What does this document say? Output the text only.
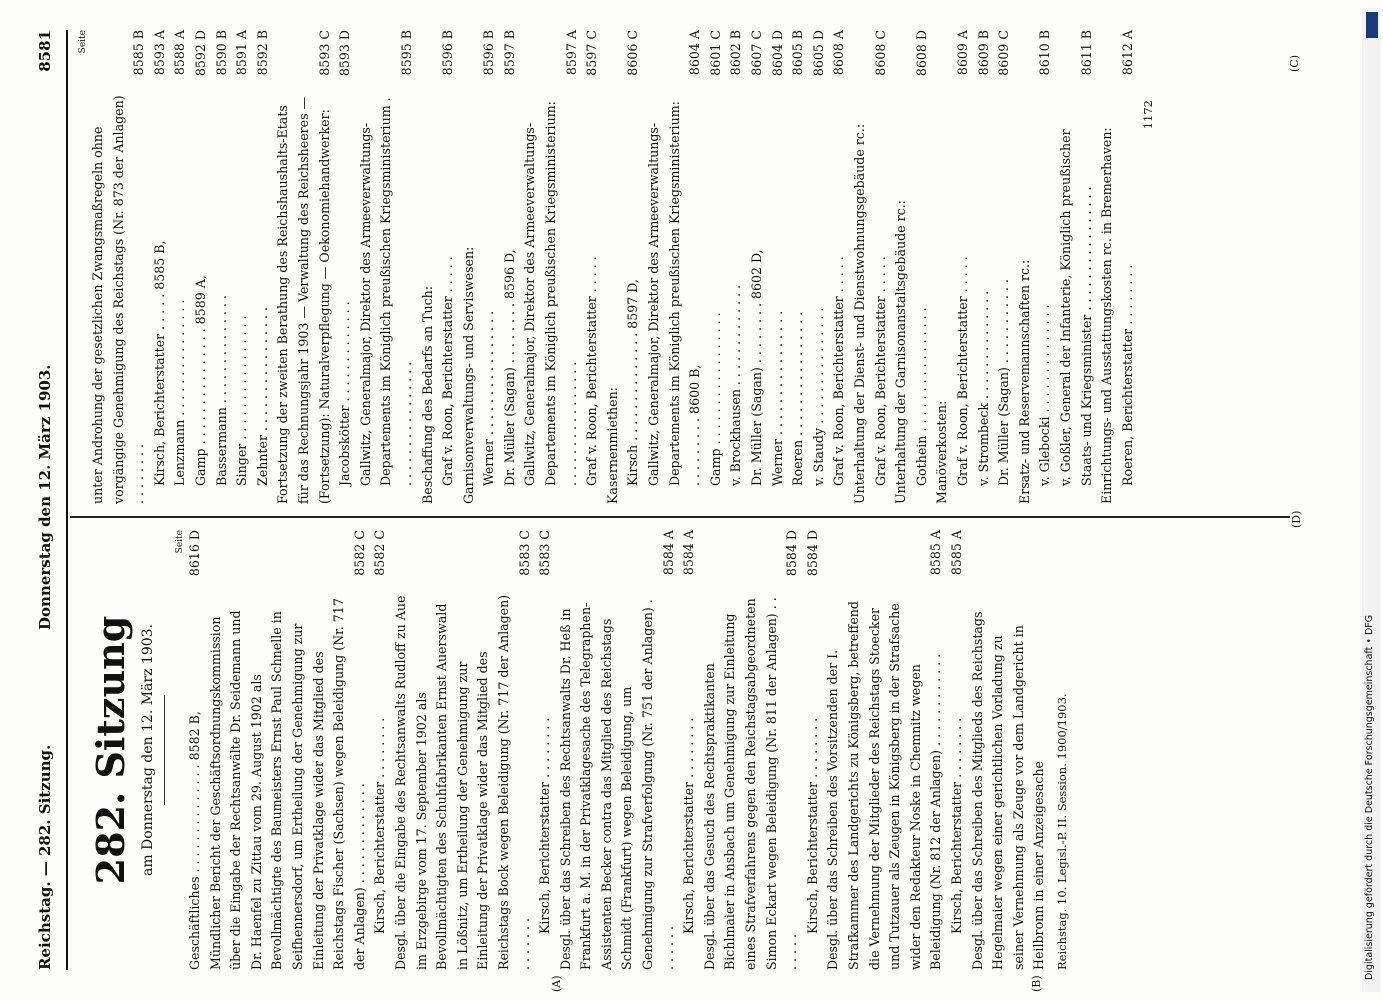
Reichstag. — 282. Sitzung.
Donnerstag den 12. März 1903.
8581
282. Sitzung am Donnerstag den 12. März 1903.
Seite
Geschäftliches . . . . . . . . . . . . . . 8582 B,
8616 D
Mündlicher Bericht der Geschäftsordnungskommission über die Eingabe der Rechtsanwälte Dr. Seidemann und Dr. Haenfel zu Zittau vom 29. August 1902 als Bevollmächtigte des Baumeisters Ernst Paul Schnelle in Seifhennersdorf, um Ertheilung der Genehmigung zur Einleitung der Privatklage wider das Mitglied des Reichstags Fischer (Sachsen) wegen Beleidigung (Nr. 717 der Anlagen) . . . . . . . . . . . . .
8582 C
Kirsch, Berichterstatter . . . . . . . .
8582 C
Desgl. über die Eingabe des Rechtsanwalts Rudloff zu Aue im Erzgebirge vom 17. September 1902 als Bevollmächtigten des Schuhfabrikanten Ernst Auerswald in Lößnitz, um Ertheilung der Genehmigung zur Einleitung der Privatklage wider das Mitglied des Reichstags Bock wegen Beleidigung (Nr. 717 der Anlagen) . . . . . . .
8583 C
Kirsch, Berichterstatter . . . . . . . .
8583 C
Desgl. über das Schreiben des Rechtsanwalts Dr. Heß in Frankfurt a. M. in der Privatklagesache des Telegraphen-Assistenten Becker contra das Mitglied des Reichstags Schmidt (Frankfurt) wegen Beleidigung, um Genehmigung zur Strafverfolgung (Nr. 751 der Anlagen) . . . . . . .
8584 A
Kirsch, Berichterstatter . . . . . . . .
8584 A
Desgl. über das Gesuch des Rechtspraktikanten Bichlmaier in Ansbach um Genehmigung zur Einleitung eines Strafverfahrens gegen den Reichstagsabgeordneten Simon Eckart wegen Beleidigung (Nr. 811 der Anlagen) . . . . . . .
8584 D
Kirsch, Berichterstatter . . . . . . . .
8584 D
Desgl. über das Schreiben des Vorsitzenden der I. Strafkammer des Landgerichts zu Königsberg, betreffend die Vernehmung der Mitglieder des Reichstags Stoecker und Tutzauer als Zeugen in Königsberg in der Strafsache wider den Redakteur Noske in Chemnitz wegen Beleidigung (Nr. 812 der Anlagen) . . . . . . . . . . . .
8585 A
Kirsch, Berichterstatter . . . . . . . .
8585 A
Desgl. über das Schreiben des Mitglieds des Reichstags Hegelmaier wegen einer gerichtlichen Vorladung zu seiner Vernehmung als Zeuge vor dem Landgericht in Heilbronn in einer Anzeigesache Reichstag. 10. Legisl.-P. II. Session. 1900/1903.
Seite
unter Androhung der gesetzlichen Zwangsmaßregeln ohne vorgängige Genehmigung des Reichstags (Nr. 873 der Anlagen) . . . . . . . .
8585 B
Kirsch, Berichterstatter . . . . . 8585 B,
8593 A
Lenzmann . . . . . . . . . . . . . . .
8588 A
Gamp . . . . . . . . . . . . . . . 8589 A,
8592 D
Bassermann . . . . . . . . . . . . . .
8590 B
Singer . . . . . . . . . . . . . . . .
8591 A
Zehnter . . . . . . . . . . . . . . . .
8592 B
Fortsetzung der zweiten Berathung des Reichshaushalts-Etats für das Rechnungsjahr 1903 — Verwaltung des Reichsheeres — (Fortsetzung): Naturalverpflegung — Oekonomiehandwerker:
8593 C
Jacobskötter . . . . . . . . . . . . .
8593 D
Gallwitz, Generalmajor, Direktor des Armeeverwaltungs-Departements im Königlich preußischen Kriegsministerium . . . . . . . . . . . . . . . . .
8595 B
Beschaffung des Bedarfs an Tuch: Graf v. Roon, Berichterstatter . . . . .
8596 B
Garnisonverwaltungs- und Serviswesen: Werner . . . . . . . . . . . . . . . .
8596 B
Dr. Müller (Sagan) . . . . . . . . 8596 D,
8597 B
Gallwitz, Generalmajor, Direktor des Armeeverwaltungs-Departements im Königlich preußischen Kriegsministerium: . . . . . . . . . . . . . . . .
8597 A
Graf v. Roon, Berichterstatter . . . . .
8597 C
Kasernenmiethen: Kirsch . . . . . . . . . . . . . . 8597 D,
8606 C
Gallwitz, Generalmajor, Direktor des Armeeverwaltungs-Departements im Königlich preußischen Kriegsministerium: . . . . . . . . . 8600 B,
8604 A
Gamp . . . . . . . . . . . . . . . . .
8601 C
v. Brockhausen . . . . . . . . . . . . .
8602 B
Dr. Müller (Sagan) . . . . . . . . 8602 D,
8607 C
Werner . . . . . . . . . . . . . . . .
8604 D
Roeren . . . . . . . . . . . . . . . .
8605 B
v. Staudy . . . . . . . . . . . . . . .
8605 D
Graf v. Roon, Berichterstatter . . . . .
8608 A
Unterhaltung der Dienst- und Dienstwohnungsgebäude rc.: Graf v. Roon, Berichterstatter . . . . .
8608 C
Unterhaltung der Garnisonanstaltsgebäude rc.: Gothein . . . . . . . . . . . . . . . .
8608 D
Manöverkosten: Graf v. Roon, Berichterstatter . . . . .
8609 A
v. Strombeck . . . . . . . . . . . . . .
8609 B
Dr. Müller (Sagan) . . . . . . . . . . .
8609 C
Ersatz- und Reservemannschaften rc.: v. Glebocki . . . . . . . . . . . . . .
8610 B
v. Goßler, General der Infanterie, Königlich preußischer Staats- und Kriegsminister . . . . . . . . . . . . . . . .
8611 B
Einrichtungs- und Ausstattungskosten rc. in Bremerhaven: Roeren, Berichterstatter . . . . . . . .
8612 A
1172
(A)	(B)
(C)
(D)
Digitalisierung gefördert durch die Deutsche Forschungsgemeinschaft • DFG
